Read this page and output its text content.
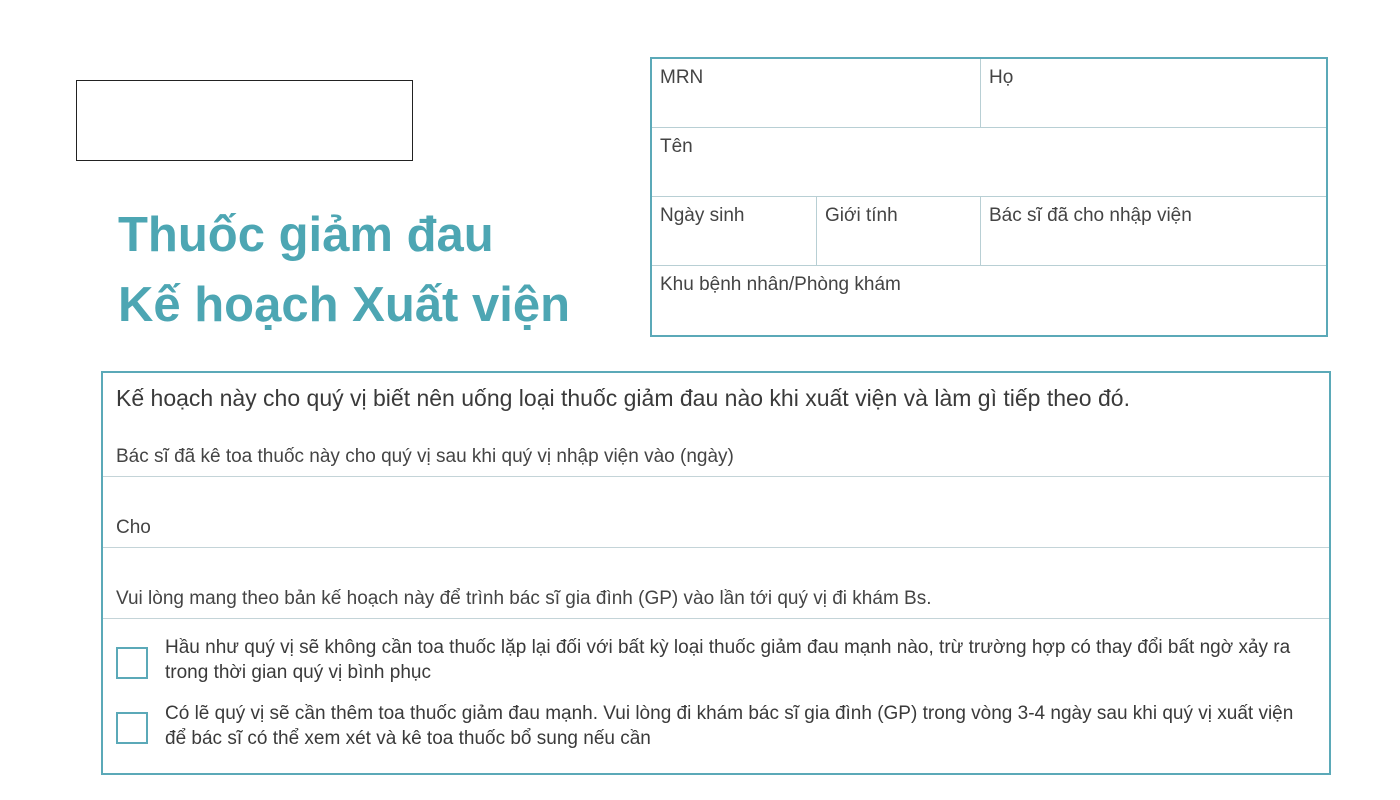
Thuốc giảm đau
Kế hoạch Xuất viện
MRN	Họ
Tên
Ngày sinh	Giới tính	Bác sĩ đã cho nhập viện
Khu bệnh nhân/Phòng khám
Kế hoạch này cho quý vị biết nên uống loại thuốc giảm đau nào khi xuất viện và làm gì tiếp theo đó.
Bác sĩ đã kê toa thuốc này cho quý vị sau khi quý vị nhập viện vào (ngày)
Cho
Vui lòng mang theo bản kế hoạch này để trình bác sĩ gia đình (GP) vào lần tới quý vị đi khám Bs.
Hầu như quý vị sẽ không cần toa thuốc lặp lại đối với bất kỳ loại thuốc giảm đau mạnh nào, trừ trường hợp có thay đổi bất ngờ xảy ra trong thời gian quý vị bình phục
Có lẽ quý vị sẽ cần thêm toa thuốc giảm đau mạnh. Vui lòng đi khám bác sĩ gia đình (GP) trong vòng 3-4 ngày sau khi quý vị xuất viện để bác sĩ có thể xem xét và kê toa thuốc bổ sung nếu cần
